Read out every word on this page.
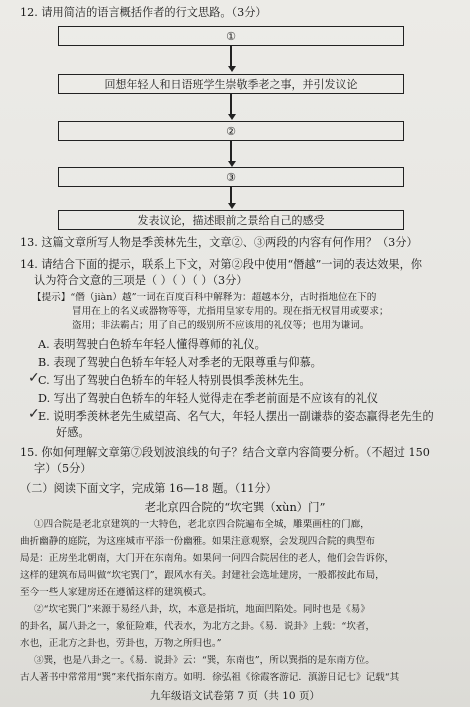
12. 请用简洁的语言概括作者的行文思路。（3分）
①
回想年轻人和日语班学生崇敬季老之事，并引发议论
②
③
发表议论，描述眼前之景给自己的感受
13. 这篇文章所写人物是季羡林先生，文章②、③两段的内容有何作用？（3分）
14. 请结合下面的提示，联系上下文，对第②段中使用“僭越”一词的表达效果，你
认为符合文意的三项是（ ）（ ）（ ）（3分）
【提示】“僭（jiàn）越”一词在百度百科中解释为：超越本分，古时指地位在下的
冒用在上的名义或器物等等，尤指用皇家专用的。现在指无权冒用或要求；
盗用；非法霸占；用了自己的级别所不应该用的礼仪等；也用为谦词。
A. 表明驾驶白色轿车年轻人懂得尊师的礼仪。
B. 表现了驾驶白色轿车年轻人对季老的无限尊重与仰慕。
C. 写出了驾驶白色轿车的年轻人特别畏惧季羡林先生。
✓
D. 写出了驾驶白色轿车的年轻人觉得走在季老前面是不应该有的礼仪
E. 说明季羡林老先生威望高、名气大，年轻人摆出一副谦恭的姿态赢得老先生的
✓
好感。
15. 你如何理解文章第⑦段划波浪线的句子？结合文章内容简要分析。（不超过 150
字）（5分）
（二）阅读下面文字，完成第 16—18 题。（11分）
老北京四合院的“坎宅巽（xùn）门”
①四合院是老北京建筑的一大特色，老北京四合院遍布全城，雕栗画柱的门廊，
曲折幽静的庭院，为这座城市平添一份幽雅。如果注意观察，会发现四合院的典型布
局是：正房坐北朝南，大门开在东南角。如果问一问四合院居住的老人，他们会告诉你，
这样的建筑布局叫做“坎宅巽门”，跟风水有关。封建社会选址建房，一般都按此布局，
至今一些人家建房还在遵循这样的建筑模式。
②“坎宅巽门”来源于易经八卦，坎，本意是指坑，地面凹陷处。同时也是《易》
的卦名，属八卦之一，象征险难，代表水，为北方之卦。《易．说卦》上载：“坎者，
水也，正北方之卦也，劳卦也，万物之所归也。”
③巽，也是八卦之一。《易．说卦》云：“巽，东南也”，所以巽指的是东南方位。
古人著书中常常用“巽”来代指东南方。如明．徐弘祖《徐霞客游记．滇游日记七》记载“其
九年级语文试卷第 7 页（共 10 页）
